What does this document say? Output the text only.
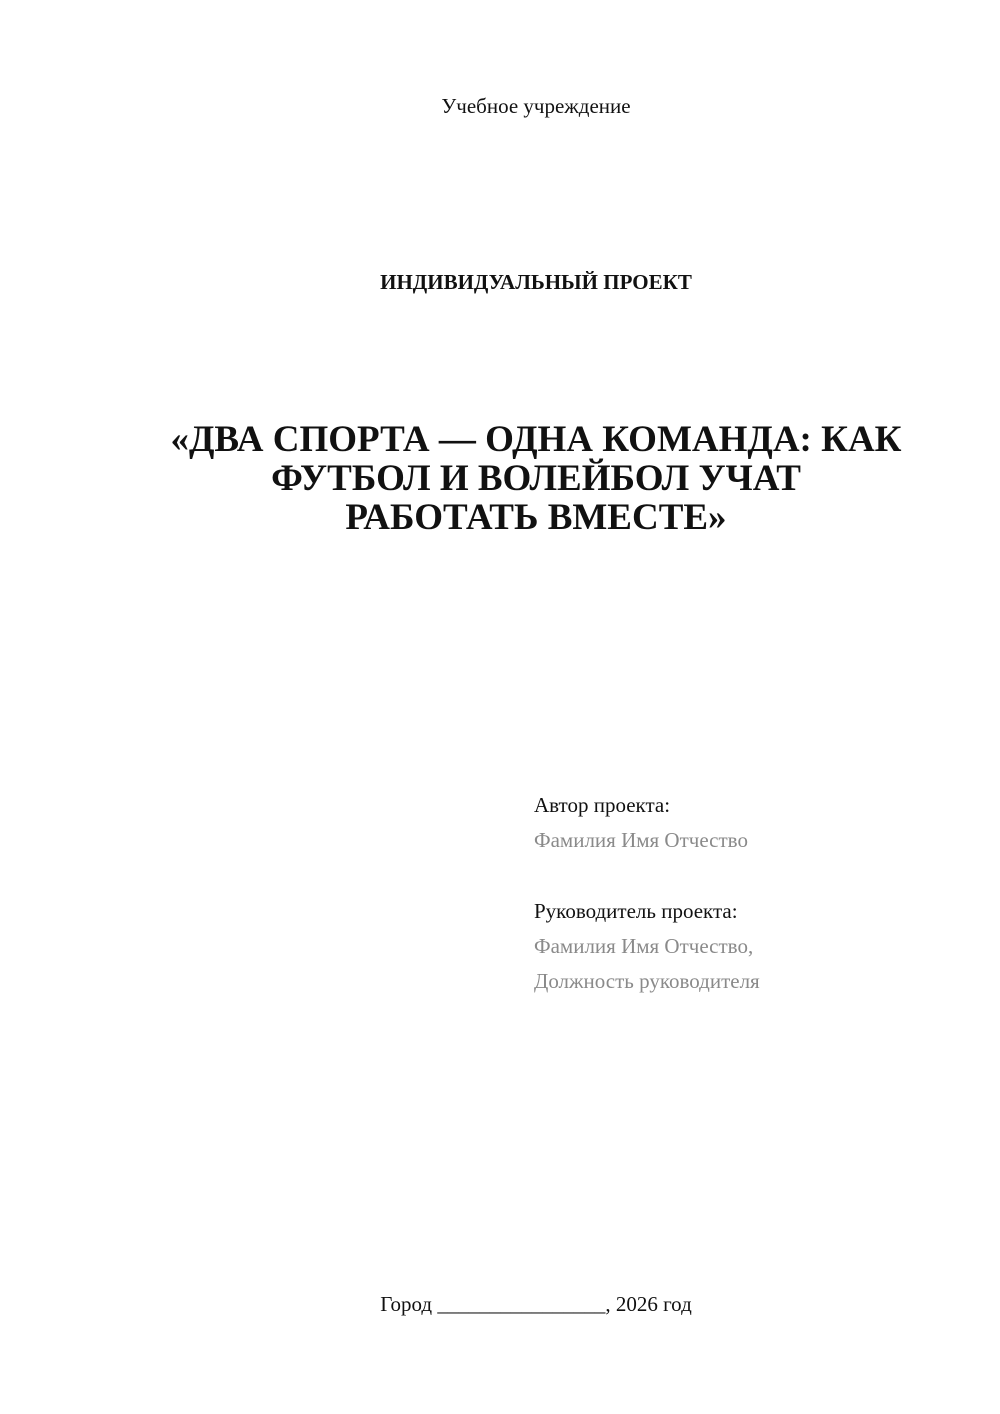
Учебное учреждение
ИНДИВИДУАЛЬНЫЙ ПРОЕКТ
«ДВА СПОРТА — ОДНА КОМАНДА: КАК
ФУТБОЛ И ВОЛЕЙБОЛ УЧАТ
РАБОТАТЬ ВМЕСТЕ»
Автор проекта:
Фамилия Имя Отчество
Руководитель проекта:
Фамилия Имя Отчество,
Должность руководителя
Город ________________, 2026 год
